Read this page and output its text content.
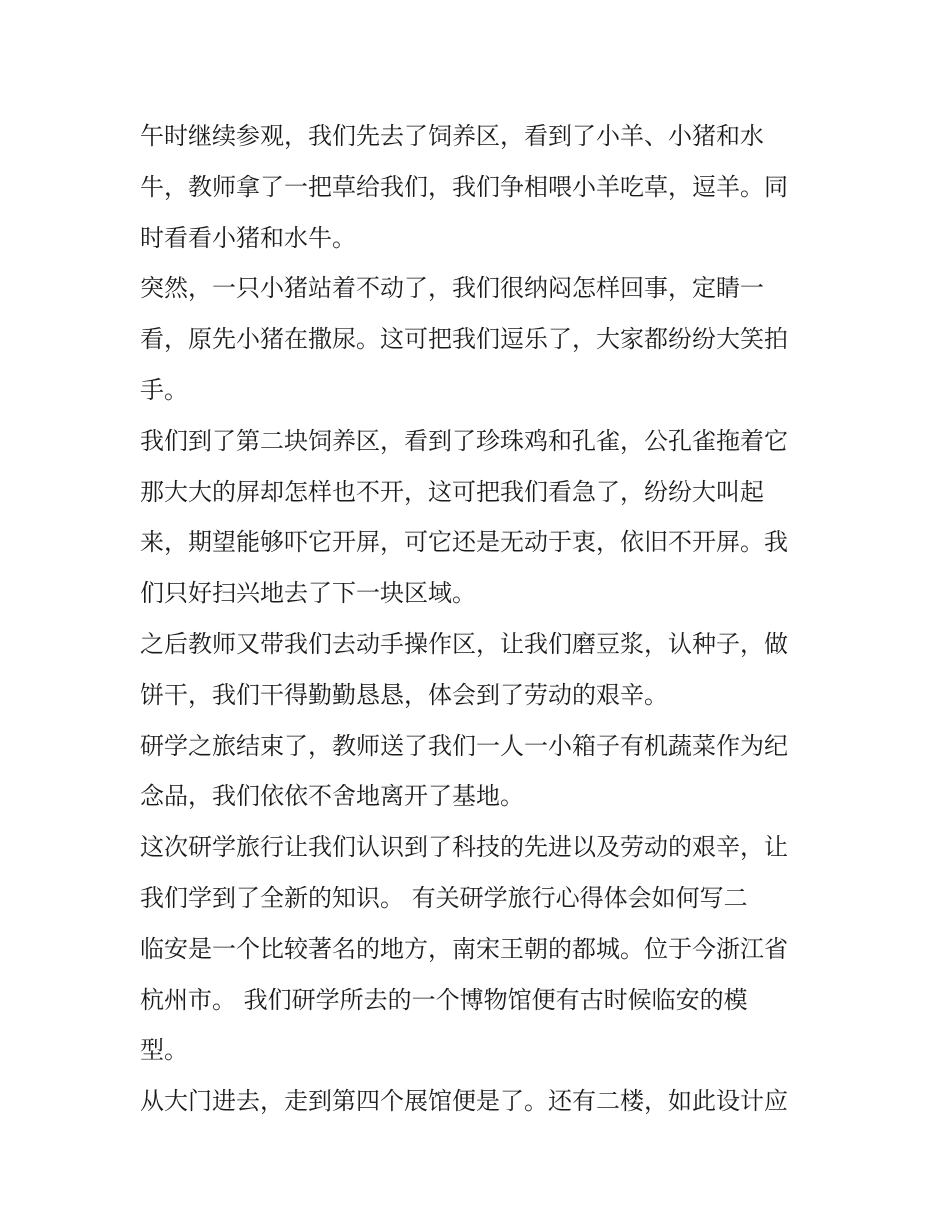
午时继续参观，我们先去了饲养区，看到了小羊、小猪和水
牛，教师拿了一把草给我们，我们争相喂小羊吃草，逗羊。同
时看看小猪和水牛。
突然，一只小猪站着不动了，我们很纳闷怎样回事，定睛一
看，原先小猪在撒尿。这可把我们逗乐了，大家都纷纷大笑拍
手。
我们到了第二块饲养区，看到了珍珠鸡和孔雀，公孔雀拖着它
那大大的屏却怎样也不开，这可把我们看急了，纷纷大叫起
来，期望能够吓它开屏，可它还是无动于衷，依旧不开屏。我
们只好扫兴地去了下一块区域。
之后教师又带我们去动手操作区，让我们磨豆浆，认种子，做
饼干，我们干得勤勤恳恳，体会到了劳动的艰辛。
研学之旅结束了，教师送了我们一人一小箱子有机蔬菜作为纪
念品，我们依依不舍地离开了基地。
这次研学旅行让我们认识到了科技的先进以及劳动的艰辛，让
我们学到了全新的知识。 有关研学旅行心得体会如何写二
临安是一个比较著名的地方，南宋王朝的都城。位于今浙江省
杭州市。 我们研学所去的一个博物馆便有古时候临安的模
型。
从大门进去，走到第四个展馆便是了。还有二楼，如此设计应
